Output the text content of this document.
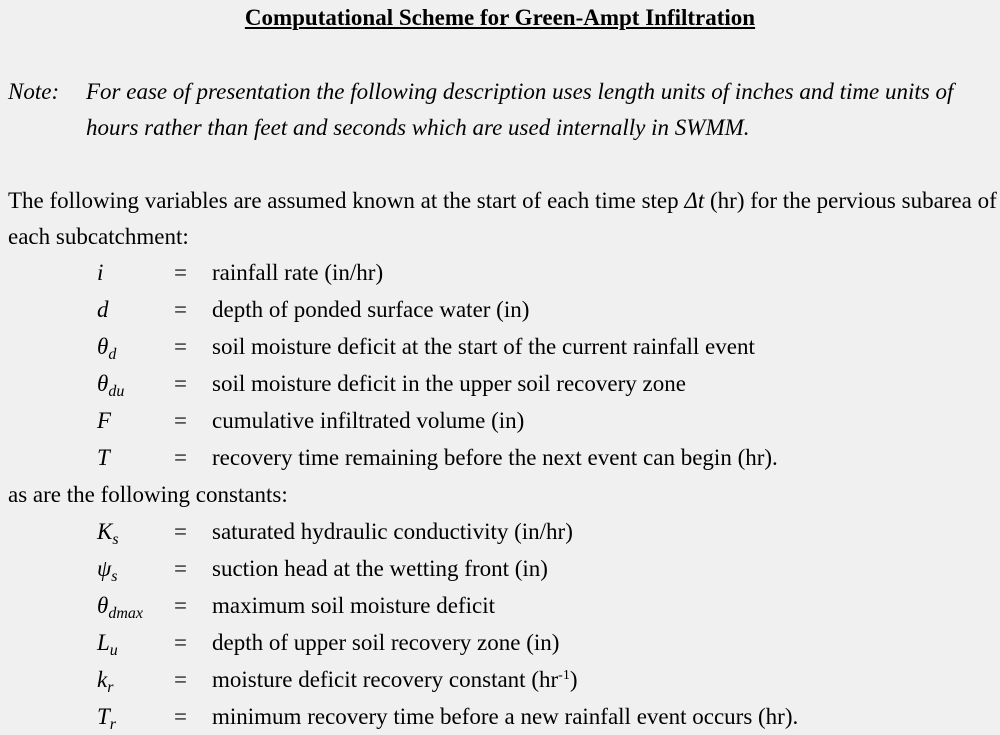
Computational Scheme for Green-Ampt Infiltration
Note: For ease of presentation the following description uses length units of inches and time units of hours rather than feet and seconds which are used internally in SWMM.
The following variables are assumed known at the start of each time step Δt (hr) for the pervious subarea of each subcatchment:
i	= rainfall rate (in/hr)
d	= depth of ponded surface water (in)
$\theta_d$	= soil moisture deficit at the start of the current rainfall event
$\theta_{du}$ = soil moisture deficit in the upper soil recovery zone
F	= cumulative infiltrated volume (in)
T	= recovery time remaining before the next event can begin (hr).
as are the following constants:
$K_s$ = saturated hydraulic conductivity (in/hr)
$\psi_s$ = suction head at the wetting front (in)
$\theta_{dmax}$ = maximum soil moisture deficit
$L_u$ = depth of upper soil recovery zone (in)
$k_r$	= moisture deficit recovery constant $(hr^{-1})$
$T_r$	= minimum recovery time before a new rainfall event occurs (hr).
